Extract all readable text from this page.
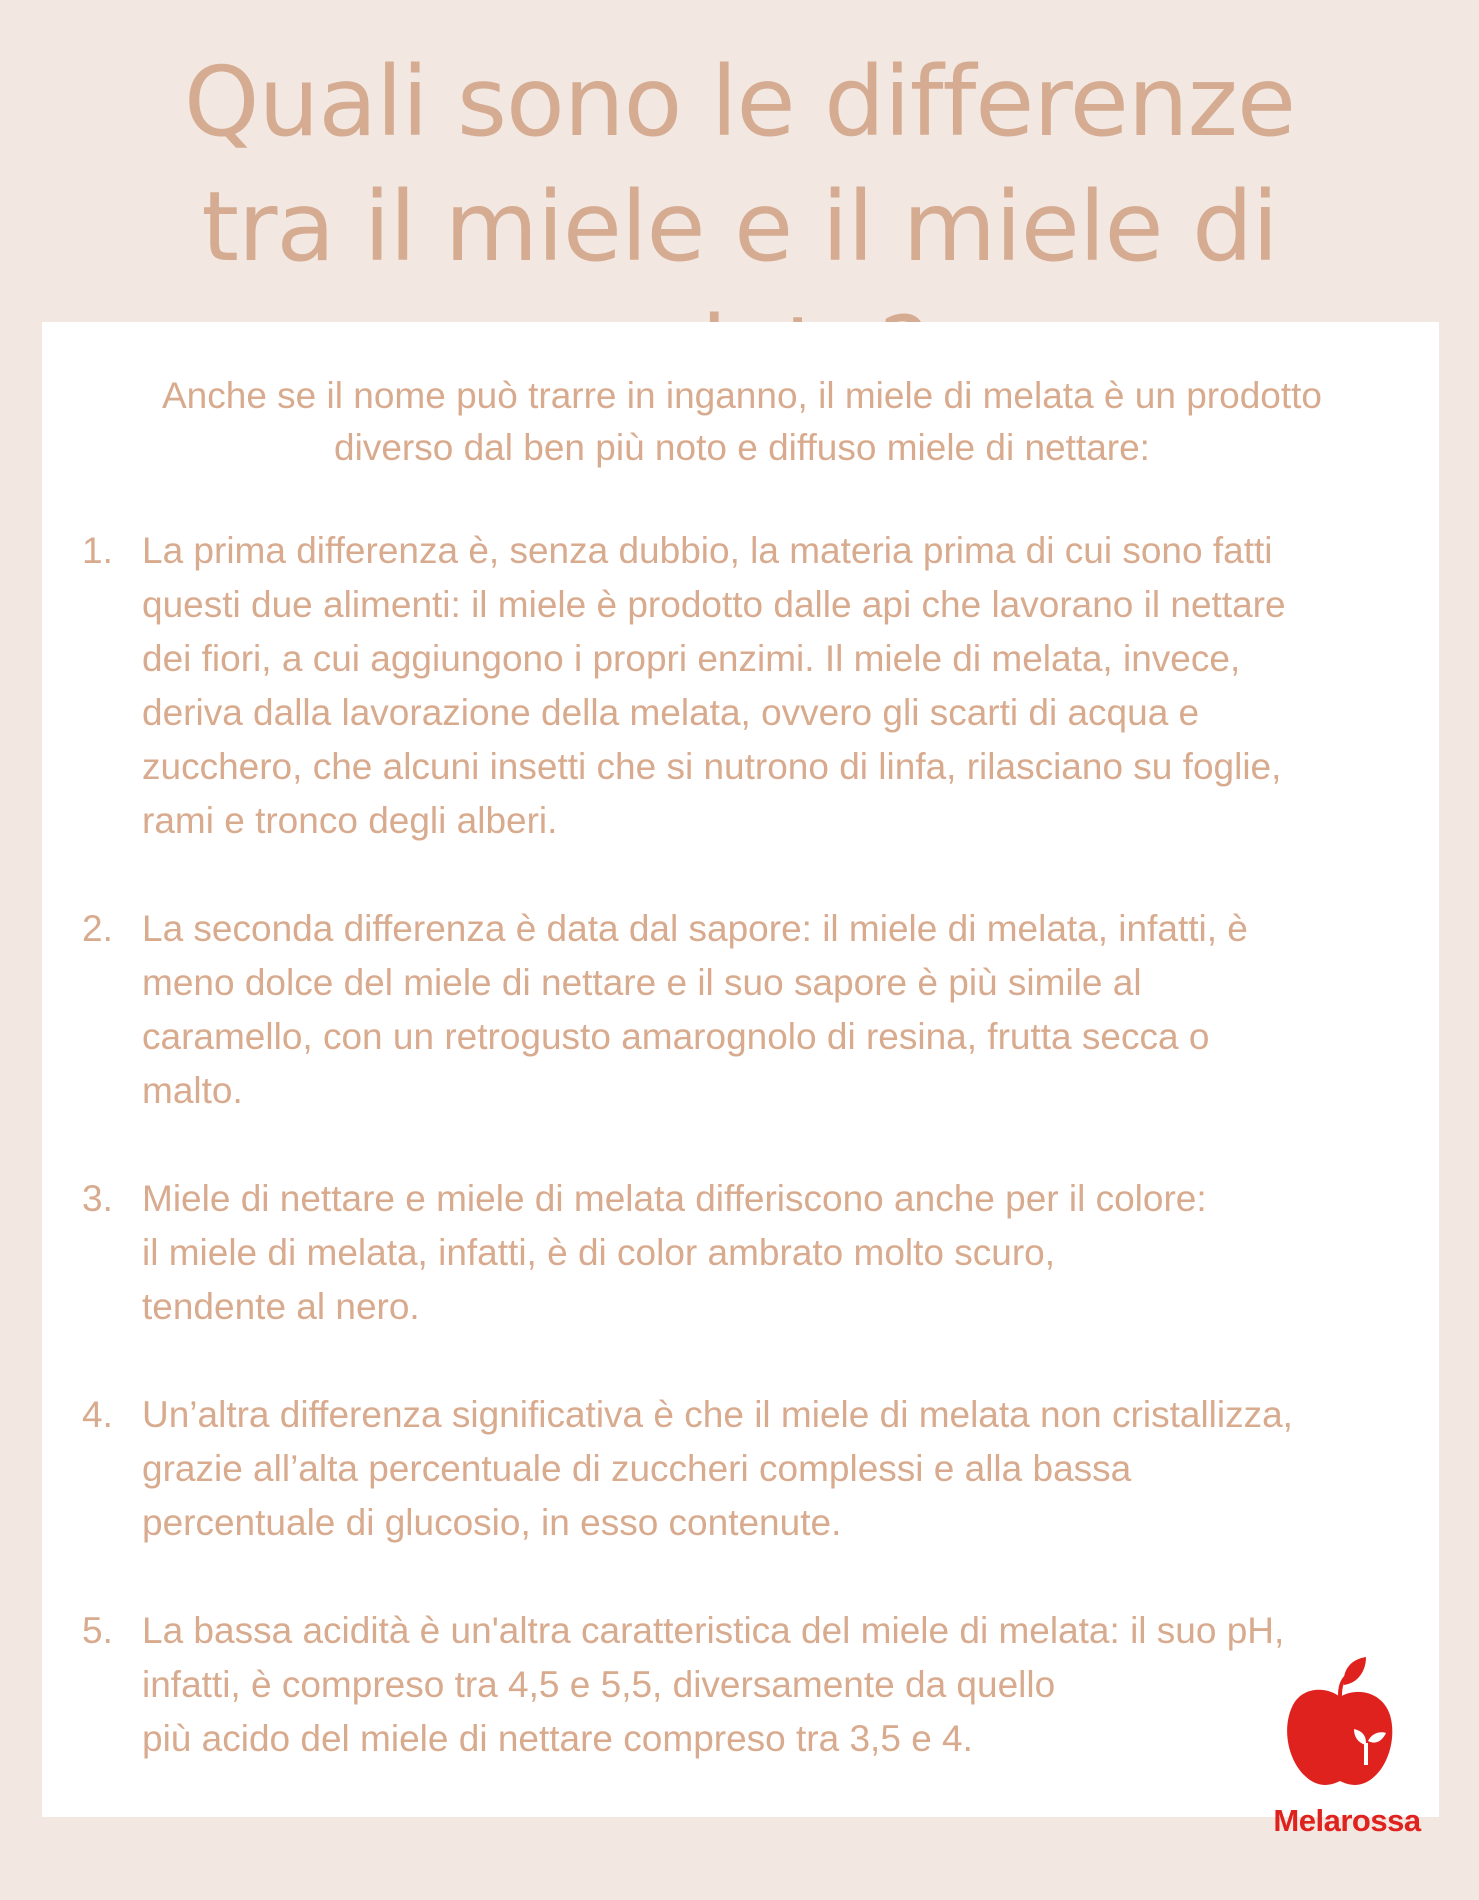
Quali sono le differenze
tra il miele e il miele di

Anche se il nome può trarre in inganno, il miele di melata è un prodotto
diverso dal ben più noto e diffuso miele di nettare:

1. La prima differenza è, senza dubbio, la materia prima di cui sono fatti
questi due alimenti: il miele è prodotto dalle api che lavorano il nettare
dei fiori, a cui aggiungono i propri enzimi. Il miele di melata, invece,
deriva dalla lavorazione della melata, ovvero gli scarti di acqua e
zucchero, che alcuni insetti che si nutrono di linfa, rilasciano su foglie,
rami e tronco degli alberi.
2. La seconda differenza è data dal sapore: il miele di melata, infatti, è
meno dolce del miele di nettare e il suo sapore è più simile al
caramello, con un retrogusto amarognolo di resina, frutta secca o
malto.
3. Miele di nettare e miele di melata differiscono anche per il colore:
il miele di melata, infatti, è di color ambrato molto scuro,
tendente al nero.
4. Un’altra differenza significativa è che il miele di melata non cristallizza,
grazie all’alta percentuale di zuccheri complessi e alla bassa
percentuale di glucosio, in esso contenute.
5. La bassa acidità è un'altra caratteristica del miele di melata: il suo pH,
infatti, è compreso tra 4,5 e 5,5, diversamente da quello
più acido del miele di nettare compreso tra 3,5 e 4.
Melarossa
